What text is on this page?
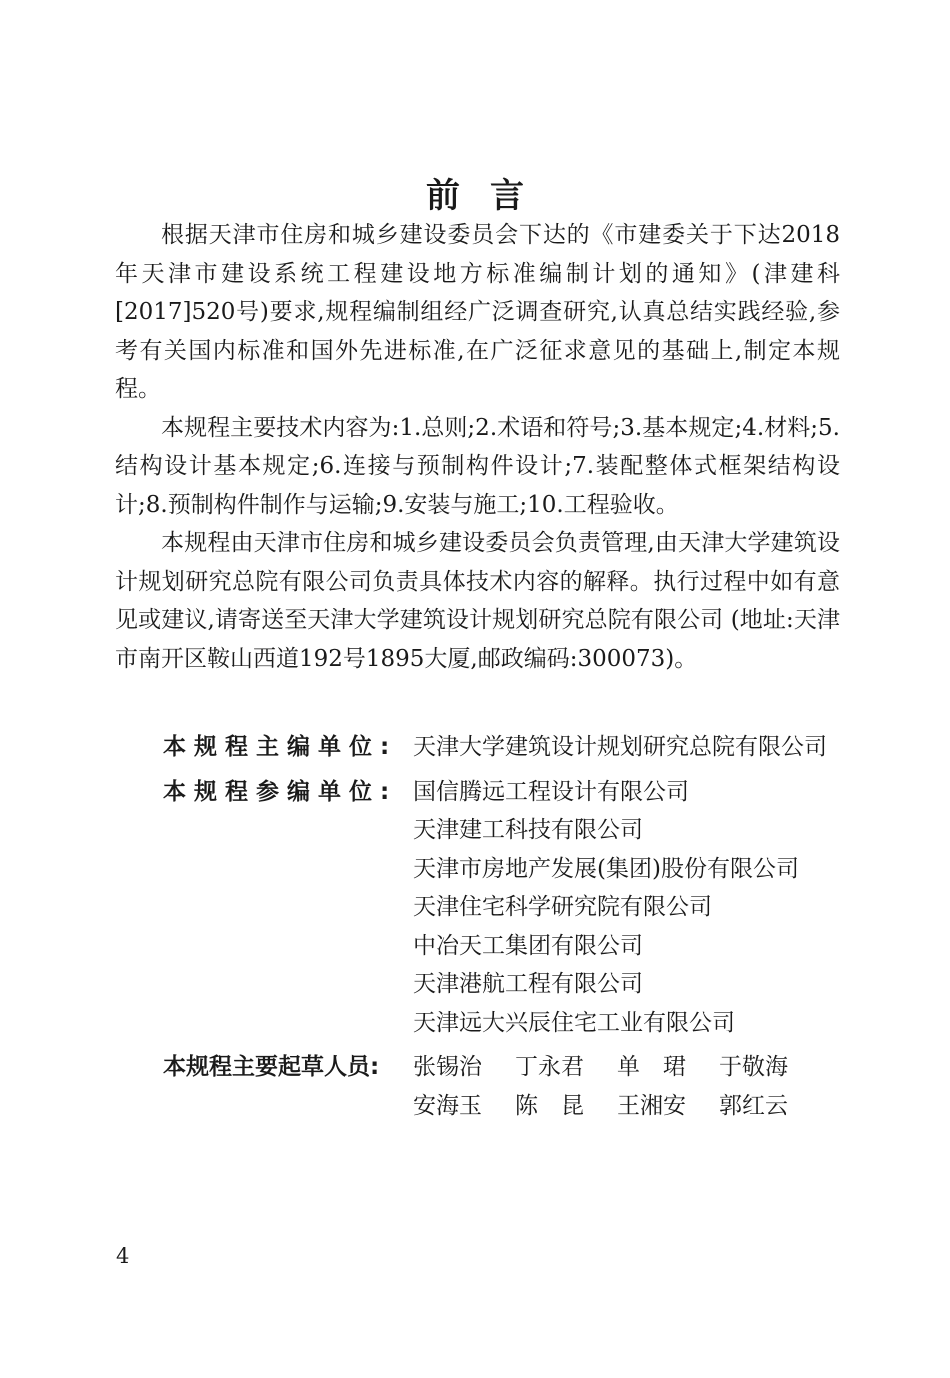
前言

根据天津市住房和城乡建设委员会下达的《市建委关于下达2018年天津市建设系统工程建设地方标准编制计划的通知》(津建科[2017]520号)要求,规程编制组经广泛调查研究,认真总结实践经验,参考有关国内标准和国外先进标准,在广泛征求意见的基础上,制定本规程。

本规程主要技术内容为:1.总则;2.术语和符号;3.基本规定;4.材料;5.结构设计基本规定;6.连接与预制构件设计;7.装配整体式框架结构设计;8.预制构件制作与运输;9.安装与施工;10.工程验收。

本规程由天津市住房和城乡建设委员会负责管理,由天津大学建筑设计规划研究总院有限公司负责具体技术内容的解释。执行过程中如有意见或建议,请寄送至天津大学建筑设计规划研究总院有限公司 (地址:天津市南开区鞍山西道192号1895大厦,邮政编码:300073)。

本规程主编单位: 天津大学建筑设计规划研究总院有限公司
本规程参编单位: 国信腾远工程设计有限公司
天津建工科技有限公司
天津市房地产发展(集团)股份有限公司
天津住宅科学研究院有限公司
中冶天工集团有限公司
天津港航工程有限公司
天津远大兴辰住宅工业有限公司
本规程主要起草人员:	张锡治	丁永君	单　珺	于敬海
安海玉	陈　昆	王湘安	郭红云
4
